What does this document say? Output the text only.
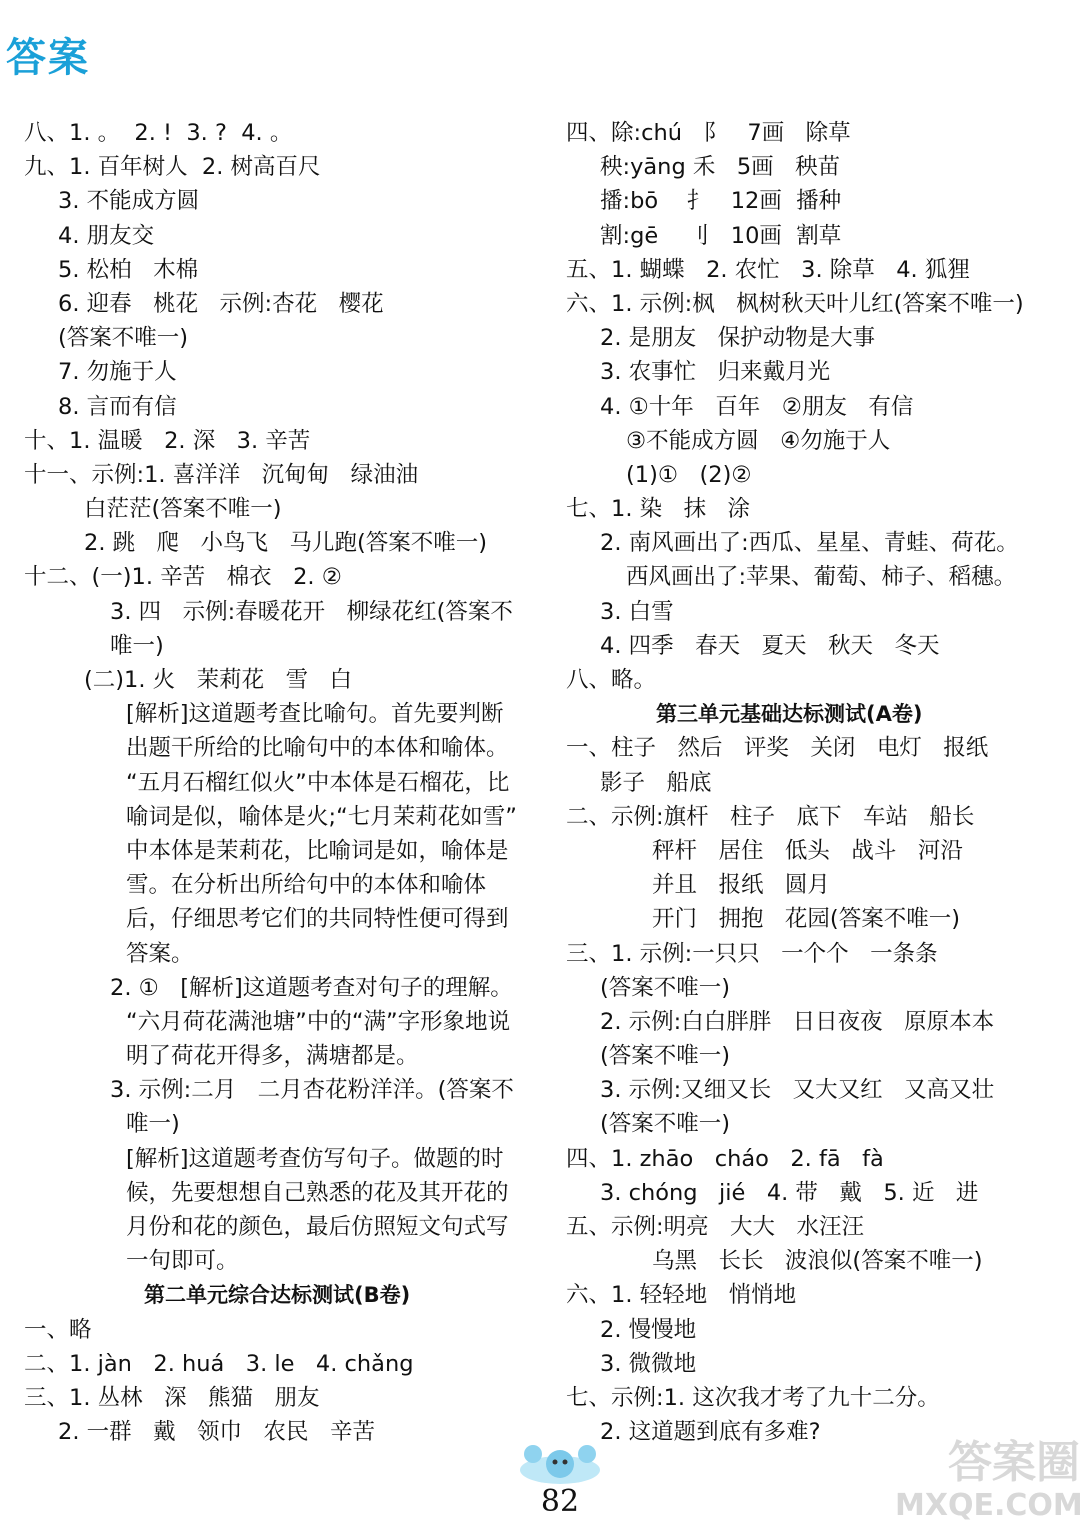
答案
八、1. 。  2. !  3. ?  4. 。
九、1. 百年树人  2. 树高百尺
3. 不能成方圆
4. 朋友交
5. 松柏   木棉
6. 迎春   桃花   示例:杏花   樱花
(答案不唯一)
7. 勿施于人
8. 言而有信
十、1. 温暖   2. 深   3. 辛苦
十一、示例:1. 喜洋洋   沉甸甸   绿油油
白茫茫(答案不唯一)
2. 跳   爬   小鸟飞   马儿跑(答案不唯一)
十二、(一)1. 辛苦   棉衣   2. ②
3. 四   示例:春暖花开   柳绿花红(答案不
唯一)
(二)1. 火   茉莉花   雪   白
[解析]这道题考查比喻句。首先要判断
出题干所给的比喻句中的本体和喻体。
“五月石榴红似火”中本体是石榴花，比
喻词是似，喻体是火;“七月茉莉花如雪”
中本体是茉莉花，比喻词是如，喻体是
雪。在分析出所给句中的本体和喻体
后，仔细思考它们的共同特性便可得到
答案。
2. ①   [解析]这道题考查对句子的理解。
“六月荷花满池塘”中的“满”字形象地说
明了荷花开得多，满塘都是。
3. 示例:二月   二月杏花粉洋洋。(答案不
唯一)
[解析]这道题考查仿写句子。做题的时
候，先要想想自己熟悉的花及其开花的
月份和花的颜色，最后仿照短文句式写
一句即可。
第二单元综合达标测试(B卷)
一、略
二、1. jàn   2. huá   3. le   4. chǎng
三、1. 丛林   深   熊猫   朋友
2. 一群   戴   领巾   农民   辛苦
四、除:chú   阝   7画   除草
秧:yāng 禾   5画   秧苗
播:bō    扌   12画  播种
割:gē    刂   10画  割草
五、1. 蝴蝶   2. 农忙   3. 除草   4. 狐狸
六、1. 示例:枫   枫树秋天叶儿红(答案不唯一)
2. 是朋友   保护动物是大事
3. 农事忙   归来戴月光
4. ①十年   百年   ②朋友   有信
③不能成方圆   ④勿施于人
(1)①   (2)②
七、1. 染   抹   涂
2. 南风画出了:西瓜、星星、青蛙、荷花。
西风画出了:苹果、葡萄、柿子、稻穗。
3. 白雪
4. 四季   春天   夏天   秋天   冬天
八、略。
第三单元基础达标测试(A卷)
一、柱子   然后   评奖   关闭   电灯   报纸
影子   船底
二、示例:旗杆   柱子   底下   车站   船长
秤杆   居住   低头   战斗   河沿
并且   报纸   圆月
开门   拥抱   花园(答案不唯一)
三、1. 示例:一只只   一个个   一条条
(答案不唯一)
2. 示例:白白胖胖   日日夜夜   原原本本
(答案不唯一)
3. 示例:又细又长   又大又红   又高又壮
(答案不唯一)
四、1. zhāo   cháo   2. fā   fà
3. chóng   jié   4. 带   戴   5. 近   进
五、示例:明亮   大大   水汪汪
乌黑   长长   波浪似(答案不唯一)
六、1. 轻轻地   悄悄地
2. 慢慢地
3. 微微地
七、示例:1. 这次我才考了九十二分。
2. 这道题到底有多难?
82
答案圈
MXQE.COM
